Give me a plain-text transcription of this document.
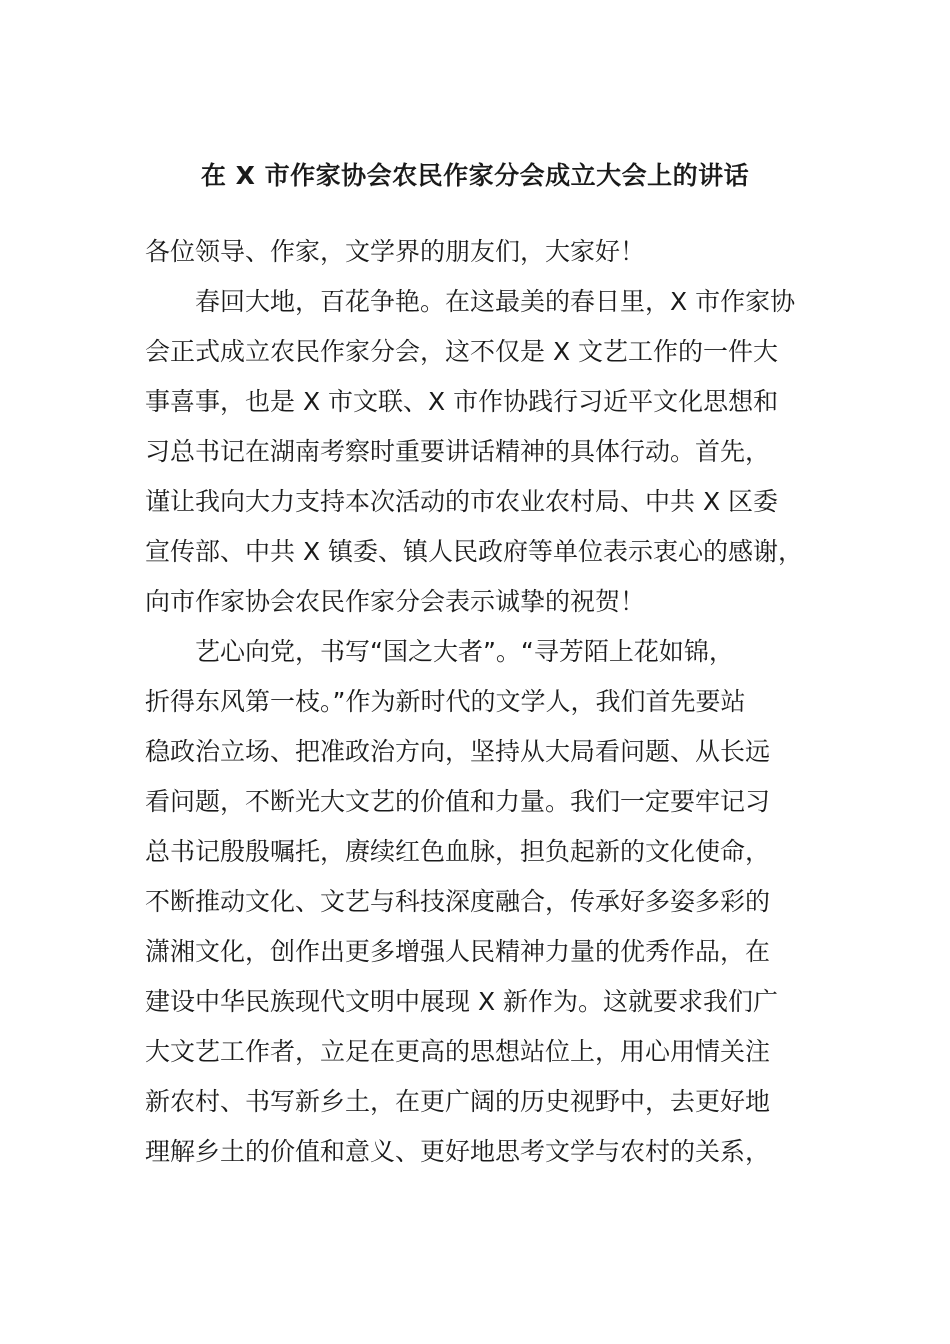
在 X 市作家协会农民作家分会成立大会上的讲话
各位领导、作家，文学界的朋友们，大家好！
春回大地，百花争艳。在这最美的春日里，X 市作家协
会正式成立农民作家分会，这不仅是 X 文艺工作的一件大
事喜事，也是 X 市文联、X 市作协践行习近平文化思想和
习总书记在湖南考察时重要讲话精神的具体行动。首先，
谨让我向大力支持本次活动的市农业农村局、中共 X 区委
宣传部、中共 X 镇委、镇人民政府等单位表示衷心的感谢，
向市作家协会农民作家分会表示诚挚的祝贺！
艺心向党，书写“国之大者”。“寻芳陌上花如锦，
折得东风第一枝。”作为新时代的文学人，我们首先要站
稳政治立场、把准政治方向，坚持从大局看问题、从长远
看问题，不断光大文艺的价值和力量。我们一定要牢记习
总书记殷殷嘱托，赓续红色血脉，担负起新的文化使命，
不断推动文化、文艺与科技深度融合，传承好多姿多彩的
潇湘文化，创作出更多增强人民精神力量的优秀作品，在
建设中华民族现代文明中展现 X 新作为。这就要求我们广
大文艺工作者，立足在更高的思想站位上，用心用情关注
新农村、书写新乡土，在更广阔的历史视野中，去更好地
理解乡土的价值和意义、更好地思考文学与农村的关系，
